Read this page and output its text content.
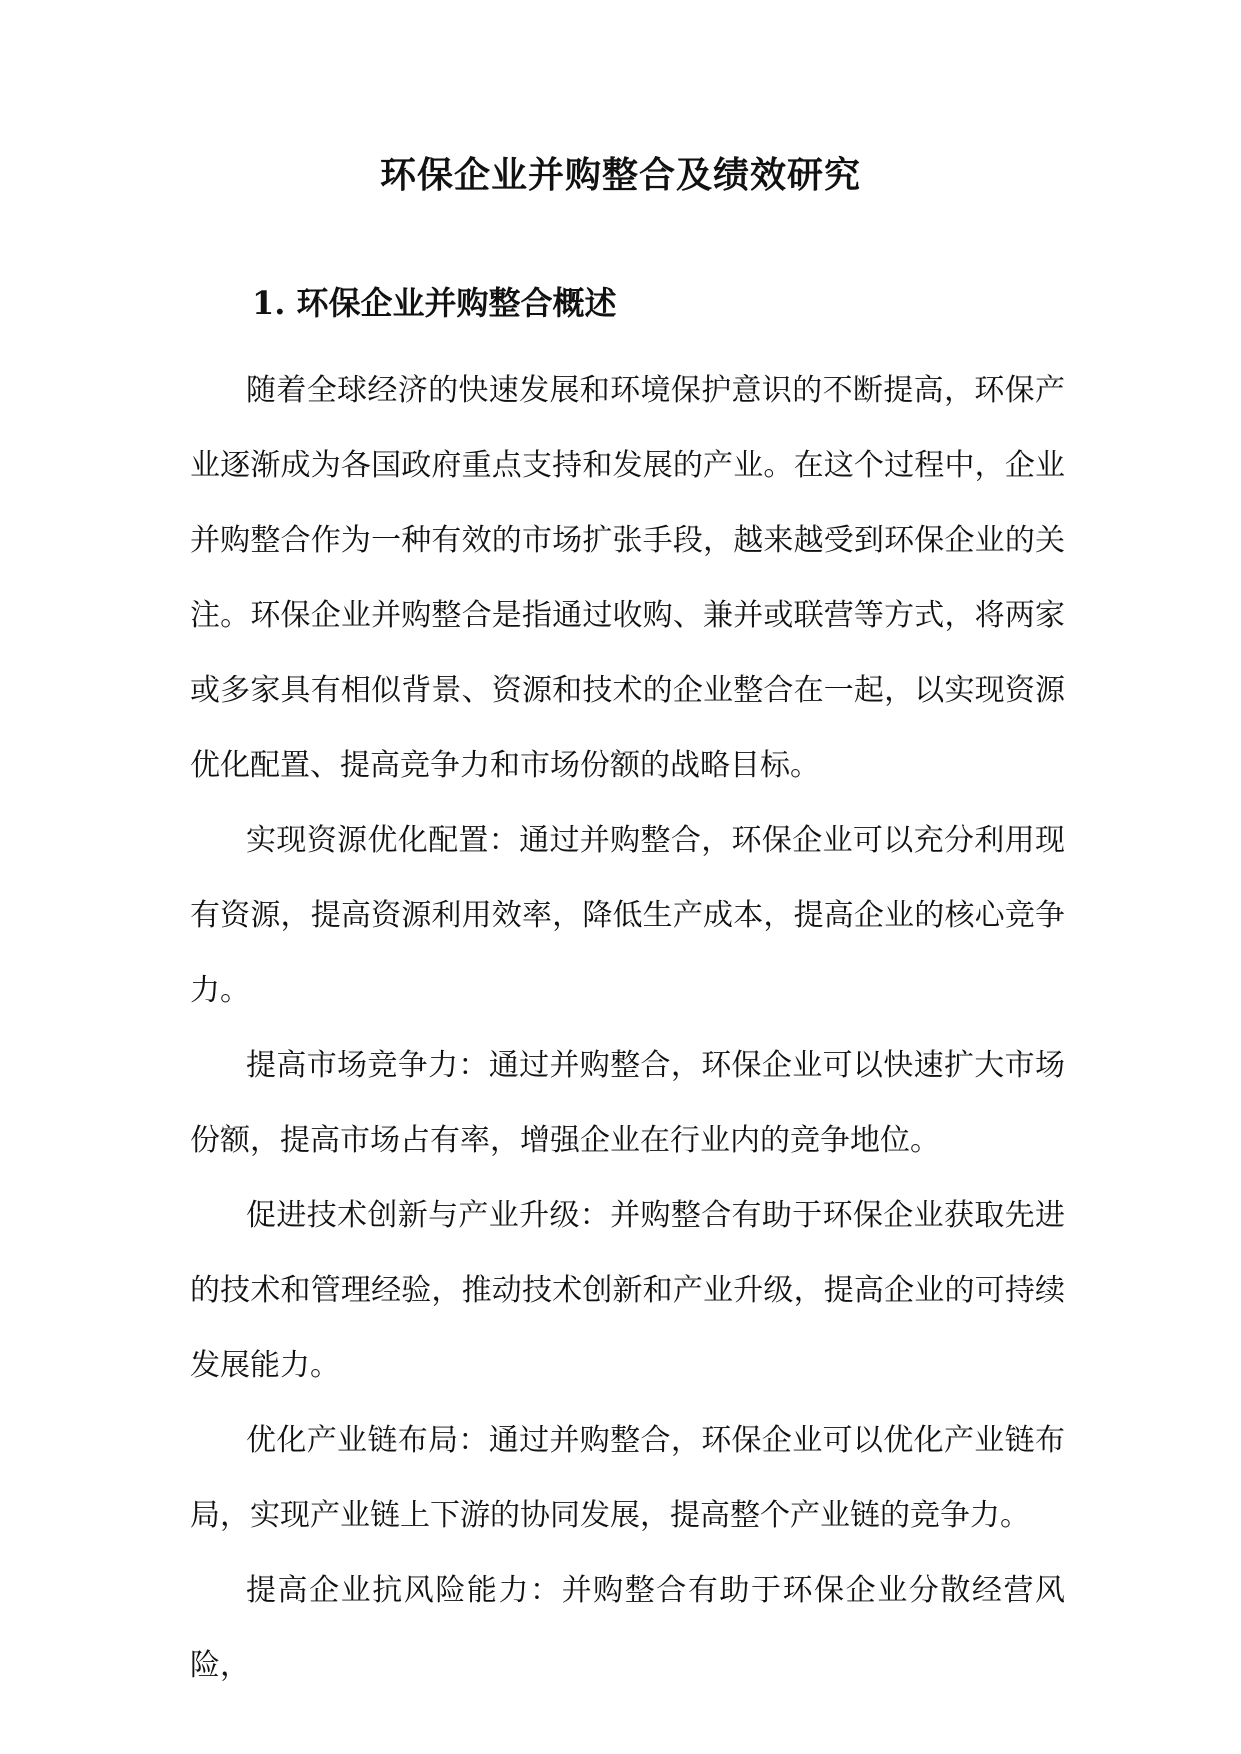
环保企业并购整合及绩效研究
1. 环保企业并购整合概述

随着全球经济的快速发展和环境保护意识的不断提高，环保产业逐渐成为各国政府重点支持和发展的产业。在这个过程中，企业并购整合作为一种有效的市场扩张手段，越来越受到环保企业的关注。环保企业并购整合是指通过收购、兼并或联营等方式，将两家或多家具有相似背景、资源和技术的企业整合在一起，以实现资源优化配置、提高竞争力和市场份额的战略目标。

实现资源优化配置：通过并购整合，环保企业可以充分利用现有资源，提高资源利用效率，降低生产成本，提高企业的核心竞争力。

提高市场竞争力：通过并购整合，环保企业可以快速扩大市场份额，提高市场占有率，增强企业在行业内的竞争地位。

促进技术创新与产业升级：并购整合有助于环保企业获取先进的技术和管理经验，推动技术创新和产业升级，提高企业的可持续发展能力。

优化产业链布局：通过并购整合，环保企业可以优化产业链布局，实现产业链上下游的协同发展，提高整个产业链的竞争力。

提高企业抗风险能力：并购整合有助于环保企业分散经营风险，
